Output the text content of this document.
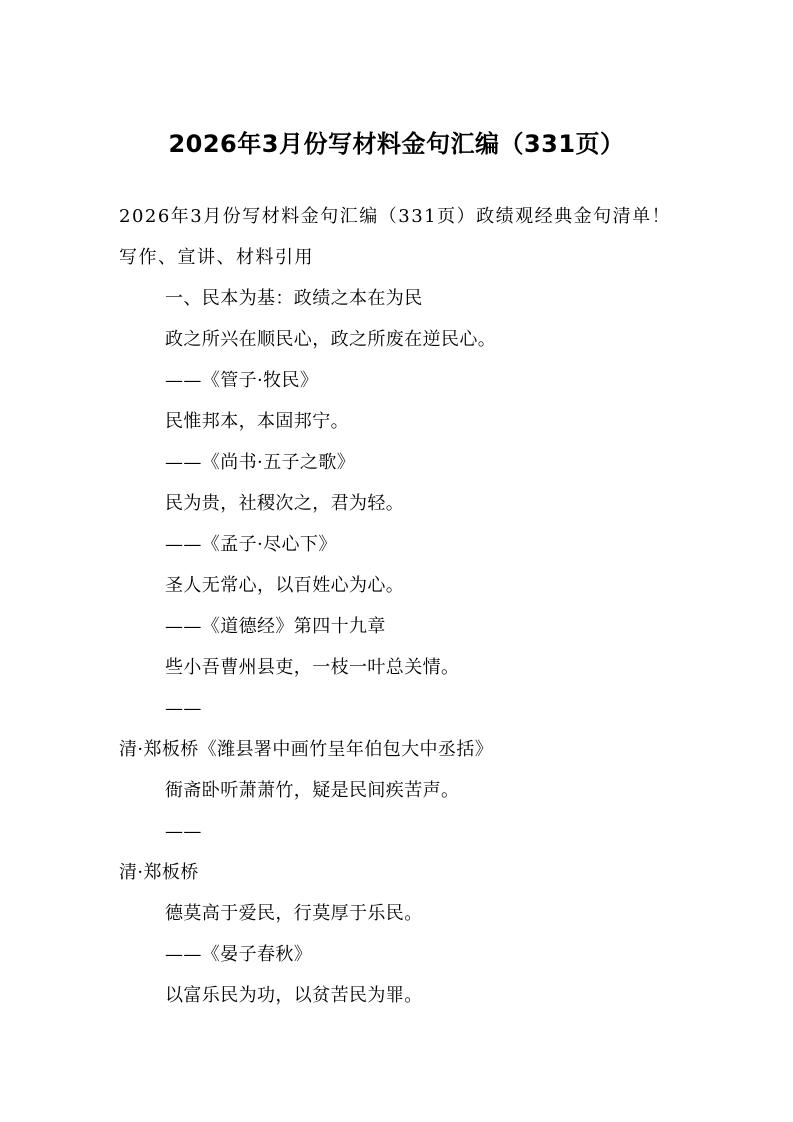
2026年3月份写材料金句汇编（331页）

2026年3月份写材料金句汇编（331页）政绩观经典金句清单！写作、宣讲、材料引用

一、民本为基：政绩之本在为民

政之所兴在顺民心，政之所废在逆民心。

——《管子·牧民》

民惟邦本，本固邦宁。

——《尚书·五子之歌》

民为贵，社稷次之，君为轻。

——《孟子·尽心下》

圣人无常心，以百姓心为心。

——《道德经》第四十九章

些小吾曹州县吏，一枝一叶总关情。

——

清·郑板桥《潍县署中画竹呈年伯包大中丞括》

衙斋卧听萧萧竹，疑是民间疾苦声。

——

清·郑板桥

德莫高于爱民，行莫厚于乐民。

——《晏子春秋》

以富乐民为功，以贫苦民为罪。
